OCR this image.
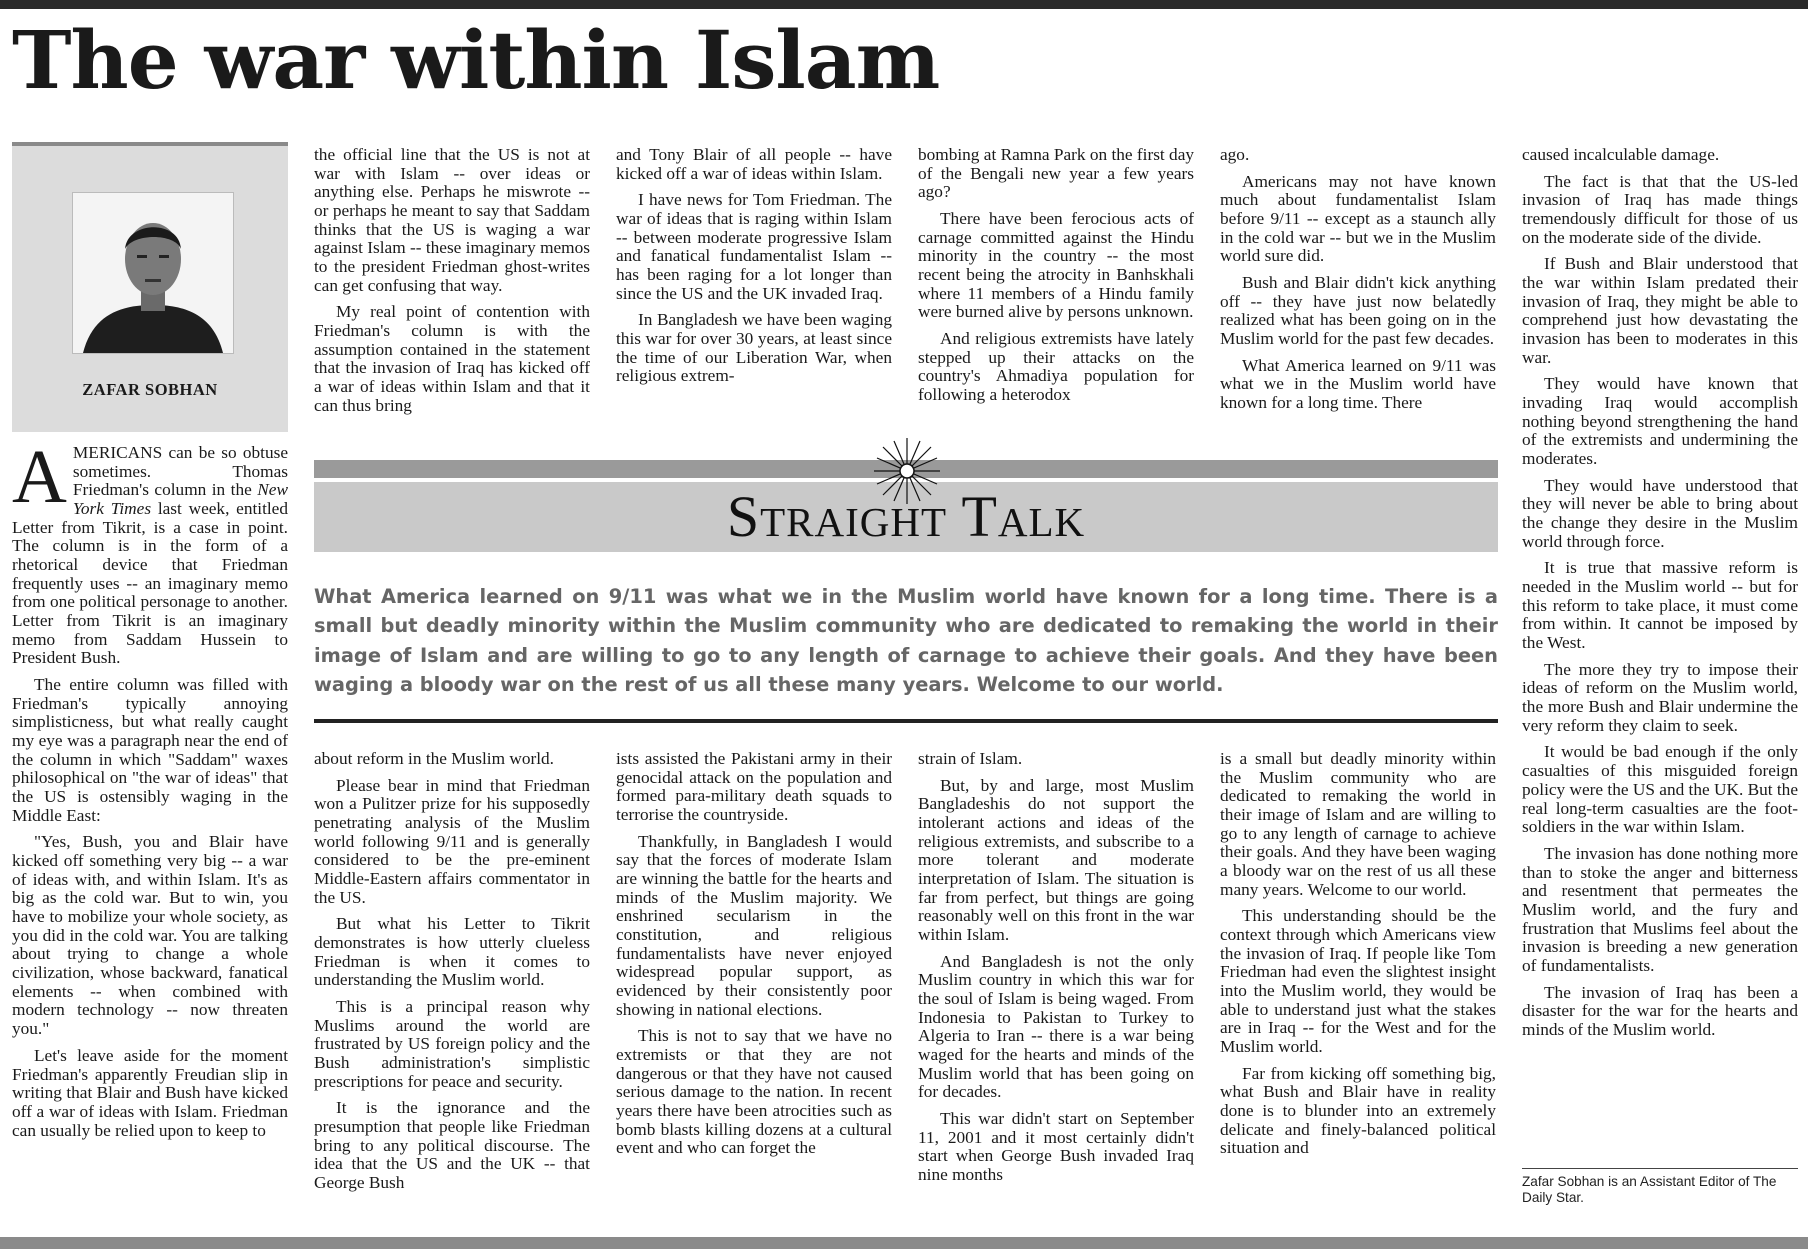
The war within Islam
ZAFAR SOBHAN

AMERICANS can be so obtuse sometimes. Thomas Friedman's column in the New York Times last week, entitled Letter from Tikrit, is a case in point. The column is in the form of a rhetorical device that Friedman frequently uses -- an imaginary memo from one political personage to another. Letter from Tikrit is an imaginary memo from Saddam Hussein to President Bush.

The entire column was filled with Friedman's typically annoying simplisticness, but what really caught my eye was a paragraph near the end of the column in which "Saddam" waxes philosophical on "the war of ideas" that the US is ostensibly waging in the Middle East:

"Yes, Bush, you and Blair have kicked off something very big -- a war of ideas with, and within Islam. It's as big as the cold war. But to win, you have to mobilize your whole society, as you did in the cold war. You are talking about trying to change a whole civilization, whose backward, fanatical elements -- when combined with modern technology -- now threaten you."

Let's leave aside for the moment Friedman's apparently Freudian slip in writing that Blair and Bush have kicked off a war of ideas with Islam. Friedman can usually be relied upon to keep to

the official line that the US is not at war with Islam -- over ideas or anything else. Perhaps he miswrote -- or perhaps he meant to say that Saddam thinks that the US is waging a war against Islam -- these imaginary memos to the president Friedman ghost-writes can get confusing that way.

My real point of contention with Friedman's column is with the assumption contained in the statement that the invasion of Iraq has kicked off a war of ideas within Islam and that it can thus bring

and Tony Blair of all people -- have kicked off a war of ideas within Islam.

I have news for Tom Friedman. The war of ideas that is raging within Islam -- between moderate progressive Islam and fanatical fundamentalist Islam -- has been raging for a lot longer than since the US and the UK invaded Iraq.

In Bangladesh we have been waging this war for over 30 years, at least since the time of our Liberation War, when religious extrem-

bombing at Ramna Park on the first day of the Bengali new year a few years ago?

There have been ferocious acts of carnage committed against the Hindu minority in the country -- the most recent being the atrocity in Banhskhali where 11 members of a Hindu family were burned alive by persons unknown.

And religious extremists have lately stepped up their attacks on the country's Ahmadiya population for following a heterodox

ago.

Americans may not have known much about fundamentalist Islam before 9/11 -- except as a staunch ally in the cold war -- but we in the Muslim world sure did.

Bush and Blair didn't kick anything off -- they have just now belatedly realized what has been going on in the Muslim world for the past few decades.

What America learned on 9/11 was what we in the Muslim world have known for a long time. There

Straight Talk

What America learned on 9/11 was what we in the Muslim world have known for a long time. There is a small but deadly minority within the Muslim community who are dedicated to remaking the world in their image of Islam and are willing to go to any length of carnage to achieve their goals. And they have been waging a bloody war on the rest of us all these many years. Welcome to our world.

about reform in the Muslim world.

Please bear in mind that Friedman won a Pulitzer prize for his supposedly penetrating analysis of the Muslim world following 9/11 and is generally considered to be the pre-eminent Middle-Eastern affairs commentator in the US.

But what his Letter to Tikrit demonstrates is how utterly clueless Friedman is when it comes to understanding the Muslim world.

This is a principal reason why Muslims around the world are frustrated by US foreign policy and the Bush administration's simplistic prescriptions for peace and security.

It is the ignorance and the presumption that people like Friedman bring to any political discourse. The idea that the US and the UK -- that George Bush

ists assisted the Pakistani army in their genocidal attack on the population and formed para-military death squads to terrorise the countryside.

Thankfully, in Bangladesh I would say that the forces of moderate Islam are winning the battle for the hearts and minds of the Muslim majority. We enshrined secularism in the constitution, and religious fundamentalists have never enjoyed widespread popular support, as evidenced by their consistently poor showing in national elections.

This is not to say that we have no extremists or that they are not dangerous or that they have not caused serious damage to the nation. In recent years there have been atrocities such as bomb blasts killing dozens at a cultural event and who can forget the

strain of Islam.

But, by and large, most Muslim Bangladeshis do not support the intolerant actions and ideas of the religious extremists, and subscribe to a more tolerant and moderate interpretation of Islam. The situation is far from perfect, but things are going reasonably well on this front in the war within Islam.

And Bangladesh is not the only Muslim country in which this war for the soul of Islam is being waged. From Indonesia to Pakistan to Turkey to Algeria to Iran -- there is a war being waged for the hearts and minds of the Muslim world that has been going on for decades.

This war didn't start on September 11, 2001 and it most certainly didn't start when George Bush invaded Iraq nine months

is a small but deadly minority within the Muslim community who are dedicated to remaking the world in their image of Islam and are willing to go to any length of carnage to achieve their goals. And they have been waging a bloody war on the rest of us all these many years. Welcome to our world.

This understanding should be the context through which Americans view the invasion of Iraq. If people like Tom Friedman had even the slightest insight into the Muslim world, they would be able to understand just what the stakes are in Iraq -- for the West and for the Muslim world.

Far from kicking off something big, what Bush and Blair have in reality done is to blunder into an extremely delicate and finely-balanced political situation and

caused incalculable damage.

The fact is that that the US-led invasion of Iraq has made things tremendously difficult for those of us on the moderate side of the divide.

If Bush and Blair understood that the war within Islam predated their invasion of Iraq, they might be able to comprehend just how devastating the invasion has been to moderates in this war.

They would have known that invading Iraq would accomplish nothing beyond strengthening the hand of the extremists and undermining the moderates.

They would have understood that they will never be able to bring about the change they desire in the Muslim world through force.

It is true that massive reform is needed in the Muslim world -- but for this reform to take place, it must come from within. It cannot be imposed by the West.

The more they try to impose their ideas of reform on the Muslim world, the more Bush and Blair undermine the very reform they claim to seek.

It would be bad enough if the only casualties of this misguided foreign policy were the US and the UK. But the real long-term casualties are the foot-soldiers in the war within Islam.

The invasion has done nothing more than to stoke the anger and bitterness and resentment that permeates the Muslim world, and the fury and frustration that Muslims feel about the invasion is breeding a new generation of fundamentalists.

The invasion of Iraq has been a disaster for the war for the hearts and minds of the Muslim world.

Zafar Sobhan is an Assistant Editor of The Daily Star.
